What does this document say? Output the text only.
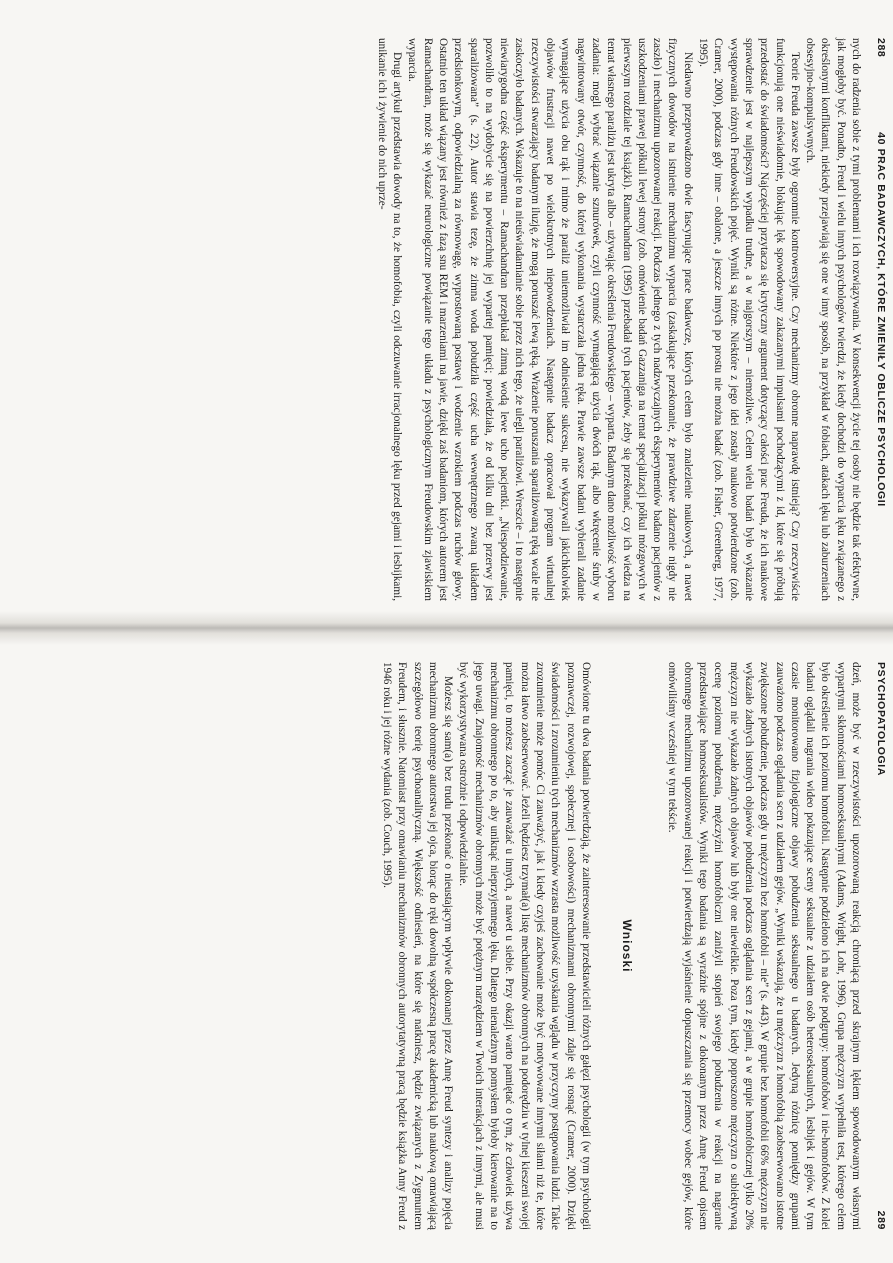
288
40 PRAC BADAWCZYCH, KTÓRE ZMIENIŁY OBLICZE PSYCHOLOGII

nych do radzenia sobie z tymi problemami i ich rozwiązywania. W konsekwencji życie tej osoby nie będzie tak efektywne, jak mogłoby być. Ponadto, Freud i wielu innych psychologów twierdzi, że kiedy dochodzi do wyparcia lęku związanego z określonymi konfliktami, niekiedy przejawiają się one w inny sposób, na przykład w fobiach, atakach lęku lub zaburzeniach obsesyjno-kompulsywnych.

Teorie Freuda zawsze były ogromnie kontrowersyjne. Czy mechanizmy obronne naprawdę istnieją? Czy rzeczywiście funkcjonują one nieświadomie, blokując lęk spowodowany zakazanymi impulsami pochodzącymi z id, które się próbują przedostać do świadomości? Najczęściej przytacza się krytyczny argument dotyczący całości prac Freuda, że ich naukowe sprawdzenie jest w najlepszym wypadku trudne, a w najgorszym – niemożliwe. Celem wielu badań było wykazanie występowania różnych Freudowskich pojęć. Wyniki są różne. Niektóre z jego idei zostały naukowo potwierdzone (zob. Cramer, 2000), podczas gdy inne – obalone, a jeszcze innych po prostu nie można badać (zob. Fisher, Greenberg, 1977, 1995).

Niedawno przeprowadzono dwie fascynujące prace badawcze, których celem było znalezienie naukowych, a nawet fizycznych dowodów na istnienie mechanizmu wyparcia (zaskakujące przekonanie, że prawdziwe zdarzenie nigdy nie zaszło) i mechanizmu upozorowanej reakcji. Podczas jednego z tych nadzwyczajnych eksperymentów badano pacjentów z uszkodzeniami prawej półkuli lewej strony (zob. omówienie badań Gazzaniga na temat specjalizacji półkul mózgowych w pierwszym rozdziale tej książki). Ramachandran (1995) przebadał tych pacjentów, żeby się przekonać, czy ich wiedza na temat własnego paraliżu jest ukryta albo – używając określenia Freudowskiego – wyparta. Badanym dano możliwość wyboru zadania: mogli wybrać wiązanie sznurówek, czyli czynność wymagającą użycia dwóch rąk, albo wkręcenie śruby w nagwintowany otwór, czynność, do której wykonania wystarczała jedna ręka. Prawie zawsze badani wybierali zadanie wymagające użycia obu rąk i mimo że paraliż uniemożliwiał im odniesienie sukcesu, nie wykazywali jakichkolwiek objawów frustracji nawet po wielokrotnych niepowodzeniach. Następnie badacz opracował program wirtualnej rzeczywistości stwarzający badanym iluzję, że mogą poruszać lewą ręką. Wrażenie poruszania sparaliżowaną ręką wcale nie zaskoczyło badanych. Wskazuje to na nieuświadamianie sobie przez nich tego, że ulegli paraliżowi. Wreszcie – i to następnie niewiarygodna część eksperymentu – Ramachandran przepłukał zimną wodą lewe ucho pacjentki. „Niespodziewanie, pozwoliło to na wydobycie się na powierzchnię jej wypartej pamięci; powiedziała, że od kilku dni bez przerwy jest sparaliżowana” (s. 22). Autor stawia tezę, że zimna woda pobudziła część ucha wewnętrznego zwaną układem przedsionkowym, odpowiedzialną za równowagę, wyprostowaną postawę i wodzenie wzrokiem podczas ruchów głowy. Ostatnio ten układ wiązany jest również z fazą snu REM i marzeniami na jawie, dzięki zaś badaniom, których autorem jest Ramachandran, może się wykazać neurologiczne powiązanie tego układu z psychologicznym Freudowskim zjawiskiem wyparcia.

Drugi artykuł przedstawia dowody na to, że homofobia, czyli odczuwanie irracjonalnego lęku przed gejami i lesbijkami, unikanie ich i żywienie do nich uprze-

PSYCHOPATOLOGIA
289

dzeń, może być w rzeczywistości upozorowaną reakcją chroniącą przed skrajnym lękiem spowodowanym własnymi wypartymi skłonnościami homoseksualnymi (Adams, Wright, Lohr, 1996). Grupa mężczyzn wypełniła test, którego celem było określenie ich poziomu homofobii. Następnie podzielono ich na dwie podgrupy: homofobów i nie-homofobów. Z kolei badani oglądali nagrania wideo pokazujące sceny seksualne z udziałem osób heteroseksualnych, lesbijek i gejów. W tym czasie monitorowano fizjologiczne objawy pobudzenia seksualnego u badanych. Jedyną różnicę pomiędzy grupami zauważono podczas oglądania scen z udziałem gejów. „Wyniki wskazują, że u mężczyzn z homofobią zaobserwowano istotne zwiększone pobudzenie, podczas gdy u mężczyzn bez homofobii – nie” (s. 443). W grupie bez homofobii 66% mężczyzn nie wykazało żadnych istotnych objawów pobudzenia podczas oglądania scen z gejami, a w grupie homofobicznej tylko 20% mężczyzn nie wykazało żadnych objawów lub były one niewielkie. Poza tym, kiedy poproszono mężczyzn o subiektywną ocenę poziomu pobudzenia, mężczyźni homofobiczni zaniżyli stopień swojego pobudzenia w reakcji na nagranie przedstawiające homoseksualistów. Wyniki tego badania są wyraźnie spójne z dokonanym przez Annę Freud opisem obronnego mechanizmu upozorowanej reakcji i potwierdzają wyjaśnienie dopuszczania się przemocy wobec gejów, które omówiliśmy wcześniej w tym tekście.

Wnioski

Omówione tu dwa badania potwierdzają, że zainteresowanie przedstawicieli różnych gałęzi psychologii (w tym psychologii poznawczej, rozwojowej, społecznej i osobowości) mechanizmami obronnymi zdaje się rosnąć (Cramer, 2000). Dzięki świadomości i zrozumieniu tych mechanizmów wzrasta możliwość uzyskania wglądu w przyczyny postępowania ludzi. Takie zrozumienie może pomóc Ci zauważyć, jak i kiedy czyjeś zachowanie może być motywowane innymi siłami niż te, które można łatwo zaobserwować. Jeżeli będziesz trzymał(a) listę mechanizmów obronnych na podorędziu w tylnej kieszeni swojej pamięci, to możesz zacząć je zauważać u innych, a nawet u siebie. Przy okazji warto pamiętać o tym, że człowiek używa mechanizmu obronnego po to, aby uniknąć nieprzyjemnego lęku. Dlatego nienależnym pomysłem byłoby kierowanie na to jego uwagi. Znajomość mechanizmów obronnych może być potężnym narzędziem w Twoich interakcjach z innymi, ale musi być wykorzystywana ostrożnie i odpowiedzialnie.

Możesz się sam(a) bez trudu przekonać o nieustającym wpływie dokonanej przez Annę Freud syntezy i analizy pojęcia mechanizmu obronnego autorstwa jej ojca, biorąc do ręki dowolną współczesną pracę akademicką lub naukową omawiającą szczegółowo teorię psychoanalityczną. Większość odniesień, na które się natkniesz, będzie związanych z Zygmuntem Freudem, i słusznie. Natomiast przy omawianiu mechanizmów obronnych autorytatywną pracą będzie książka Anny Freud z 1946 roku i jej różne wydania (zob. Couch, 1995).
